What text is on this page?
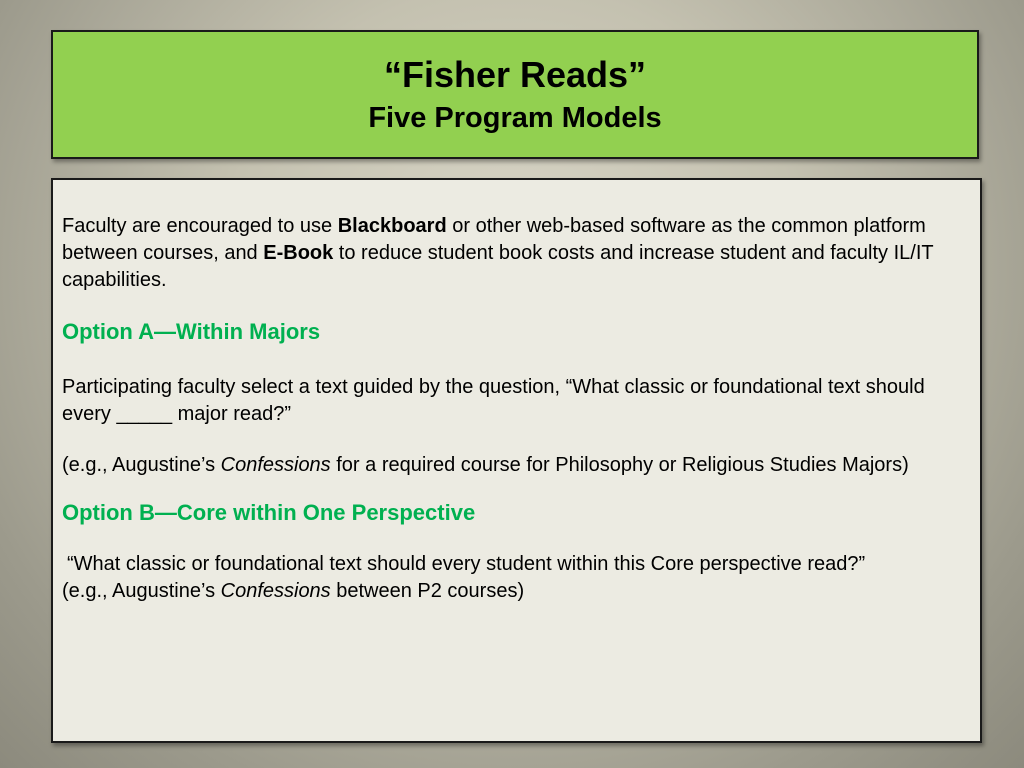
“Fisher Reads”
Five Program Models

Faculty are encouraged to use Blackboard or other web-based software as the common platform between courses, and E-Book to reduce student book costs and increase student and faculty IL/IT capabilities.

Option A—Within Majors

Participating faculty select a text guided by the question, “What classic or foundational text should every _____ major read?”

(e.g., Augustine’s Confessions for a required course for Philosophy or Religious Studies Majors)

Option B—Core within One Perspective

“What classic or foundational text should every student within this Core perspective read?”

(e.g., Augustine’s Confessions between P2 courses)
